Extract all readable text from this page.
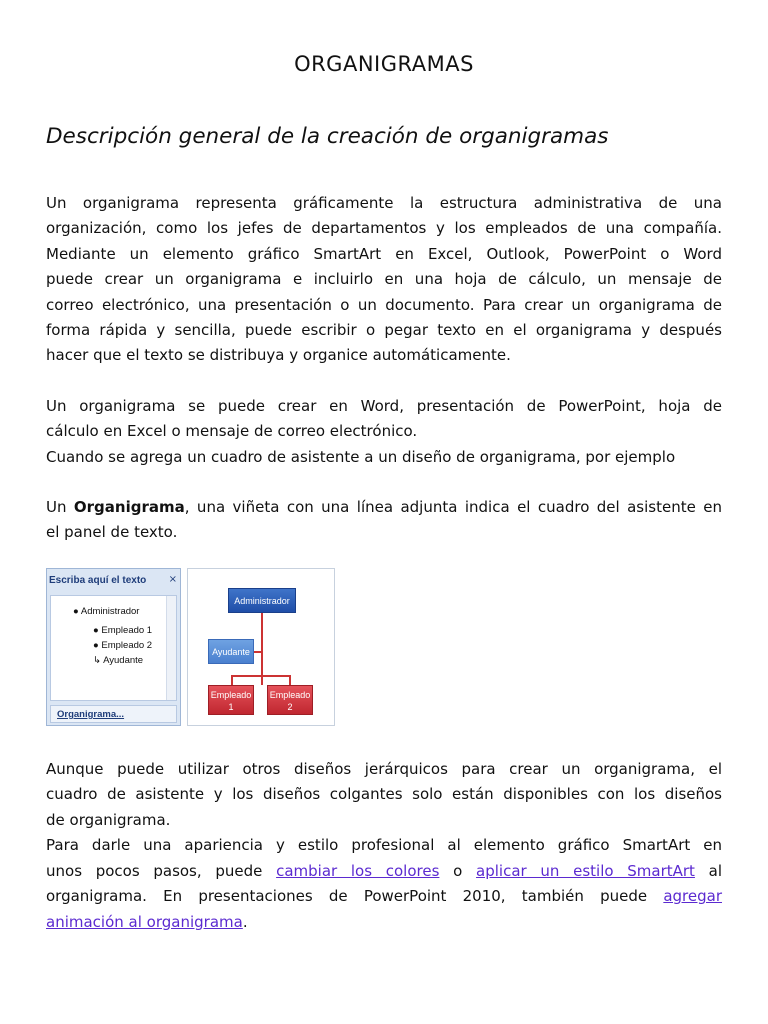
ORGANIGRAMAS
Descripción general de la creación de organigramas
Un organigrama representa gráficamente la estructura administrativa de una
organización, como los jefes de departamentos y los empleados de una compañía.
Mediante un elemento gráfico SmartArt en Excel, Outlook, PowerPoint o Word
puede crear un organigrama e incluirlo en una hoja de cálculo, un mensaje de
correo electrónico, una presentación o un documento. Para crear un organigrama de
forma rápida y sencilla, puede escribir o pegar texto en el organigrama y después
hacer que el texto se distribuya y organice automáticamente.
Un organigrama se puede crear en Word, presentación de PowerPoint, hoja de
cálculo en Excel o mensaje de correo electrónico.
Cuando se agrega un cuadro de asistente a un diseño de organigrama, por ejemplo
Un Organigrama, una viñeta con una línea adjunta indica el cuadro del asistente en
el panel de texto.
Escriba aquí el texto ×
● Administrador
● Empleado 1
● Empleado 2
↳ Ayudante
Organigrama...
Administrador
Ayudante
Empleado
1
Empleado
2
Aunque puede utilizar otros diseños jerárquicos para crear un organigrama, el
cuadro de asistente y los diseños colgantes solo están disponibles con los diseños
de organigrama.
Para darle una apariencia y estilo profesional al elemento gráfico SmartArt en
unos pocos pasos, puede cambiar los colores o aplicar un estilo SmartArt al
organigrama. En presentaciones de PowerPoint 2010, también puede agregar
animación al organigrama.
